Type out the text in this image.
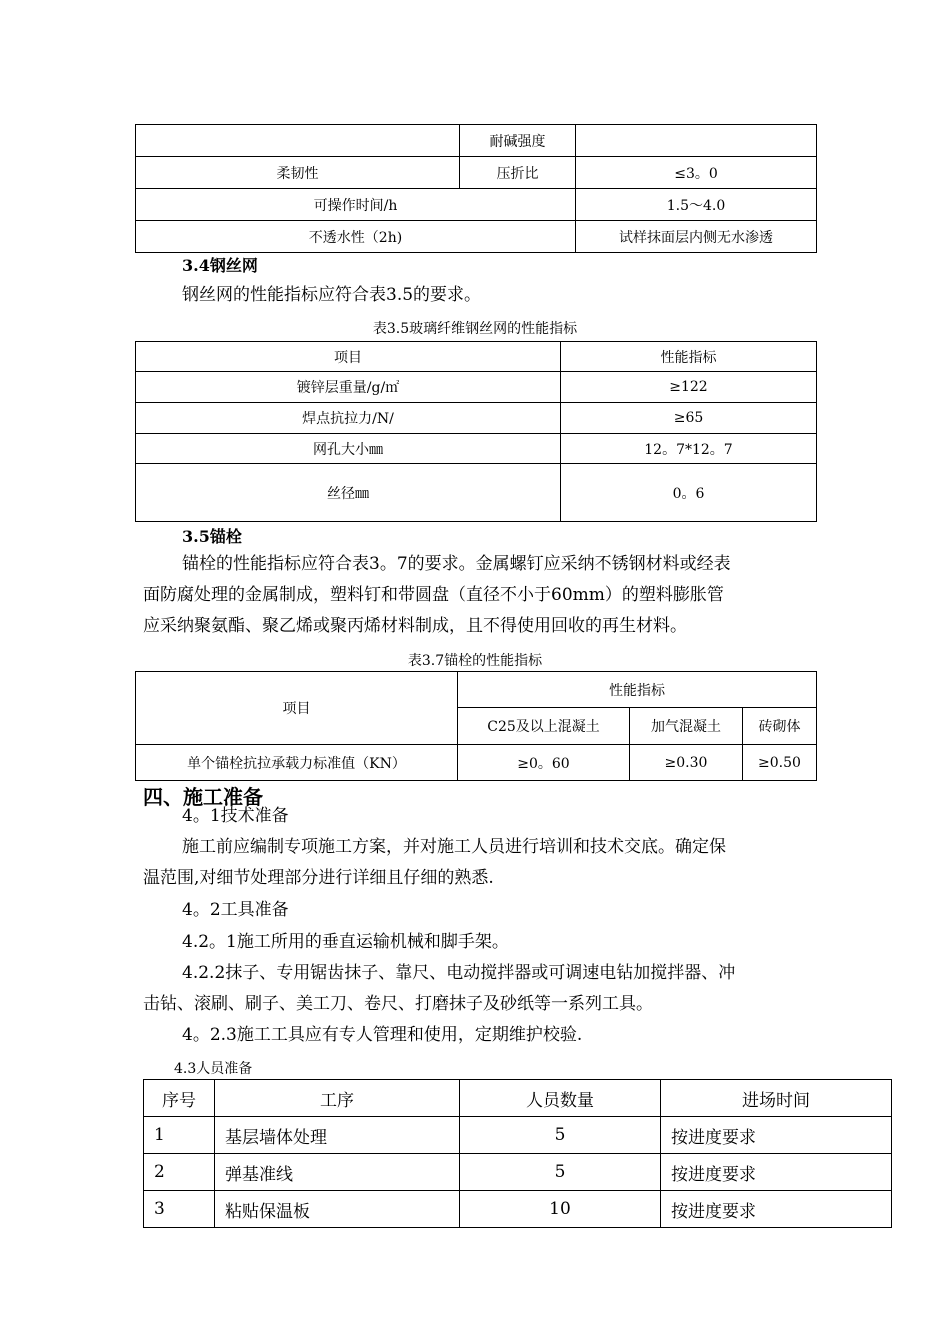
	耐碱强度	
柔韧性	压折比	≤3。0
可操作时间/h		1.5～4.0
不透水性（2h)		试样抹面层内侧无水渗透
3.4钢丝网
钢丝网的性能指标应符合表3.5的要求。
表3.5玻璃纤维钢丝网的性能指标
项目	性能指标
镀锌层重量/g/㎡	≥122
焊点抗拉力/N/	≥65
网孔大小㎜	12。7*12。7
丝径㎜	0。6
3.5锚栓
锚栓的性能指标应符合表3。7的要求。金属螺钉应采纳不锈钢材料或经表
面防腐处理的金属制成，塑料钉和带圆盘（直径不小于60mm）的塑料膨胀管
应采纳聚氨酯、聚乙烯或聚丙烯材料制成，且不得使用回收的再生材料。
表3.7锚栓的性能指标
项目	性能指标		
	C25及以上混凝土	加气混凝土	砖砌体
单个锚栓抗拉承载力标准值（KN）	≥0。60	≥0.30	≥0.50
四、施工准备
4。1技术准备
施工前应编制专项施工方案，并对施工人员进行培训和技术交底。确定保
温范围,对细节处理部分进行详细且仔细的熟悉.
4。2工具准备
4.2。1施工所用的垂直运输机械和脚手架。
4.2.2抹子、专用锯齿抹子、靠尺、电动搅拌器或可调速电钻加搅拌器、冲
击钻、滚刷、刷子、美工刀、卷尺、打磨抹子及砂纸等一系列工具。
4。2.3施工工具应有专人管理和使用，定期维护校验.
4.3人员准备
序号	工序	人员数量	进场时间
1	基层墙体处理	5	按进度要求
2	弹基准线	5	按进度要求
3	粘贴保温板	10	按进度要求
